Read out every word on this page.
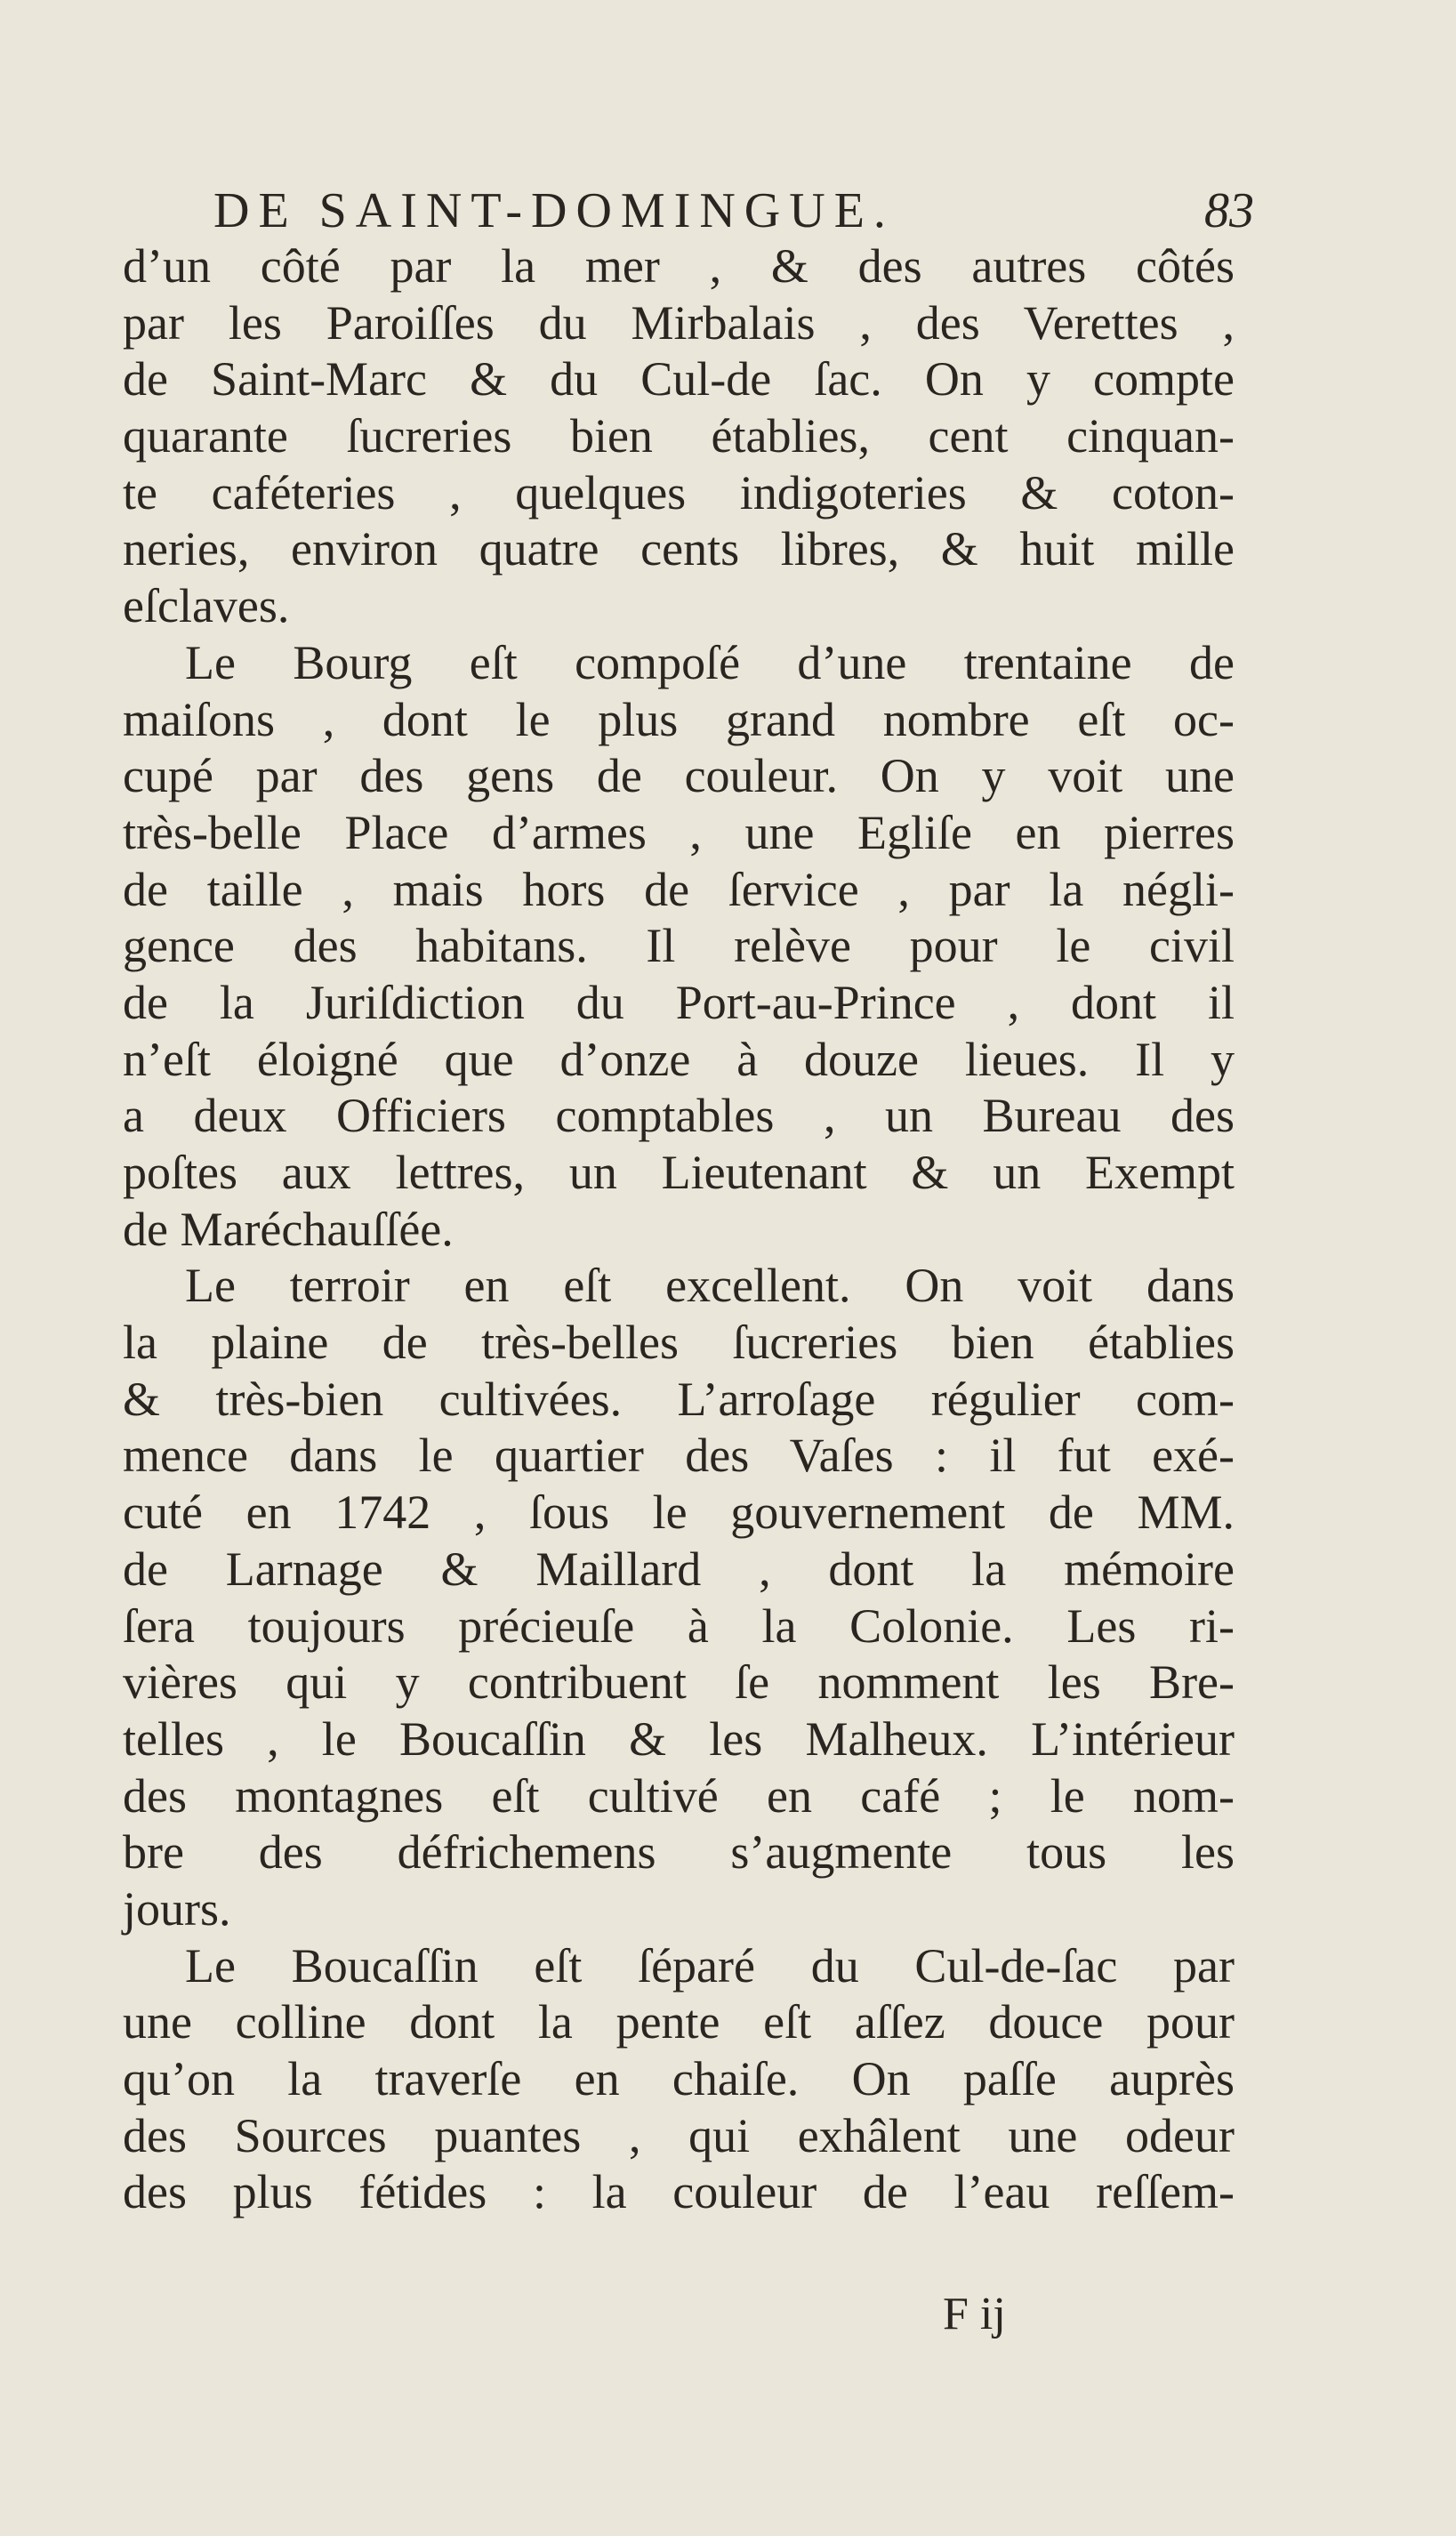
DE SAINT-DOMINGUE.	83
d’un côté par la mer , & des autres côtés
par les Paroiſſes du Mirbalais , des Verettes ,
de Saint-Marc & du Cul-de ſac. On y compte
quarante ſucreries bien établies, cent cinquan-
te caféteries , quelques indigoteries & coton-
neries, environ quatre cents libres, & huit mille
eſclaves.
Le Bourg eſt compoſé d’une trentaine de
maiſons , dont le plus grand nombre eſt oc-
cupé par des gens de couleur. On y voit une
très-belle Place d’armes , une Egliſe en pierres
de taille , mais hors de ſervice , par la négli-
gence des habitans. Il relève pour le civil
de la Juriſdiction du Port-au-Prince , dont il
n’eſt éloigné que d’onze à douze lieues. Il y
a deux Officiers comptables , un Bureau des
poſtes aux lettres, un Lieutenant & un Exempt
de Maréchauſſée.
Le terroir en eſt excellent. On voit dans
la plaine de très-belles ſucreries bien établies
& très-bien cultivées. L’arroſage régulier com-
mence dans le quartier des Vaſes : il fut exé-
cuté en 1742 , ſous le gouvernement de MM.
de Larnage & Maillard , dont la mémoire
ſera toujours précieuſe à la Colonie. Les ri-
vières qui y contribuent ſe nomment les Bre-
telles , le Boucaſſin & les Malheux. L’intérieur
des montagnes eſt cultivé en café ; le nom-
bre des défrichemens s’augmente tous les
jours.
Le Boucaſſin eſt ſéparé du Cul-de-ſac par
une colline dont la pente eſt aſſez douce pour
qu’on la traverſe en chaiſe. On paſſe auprès
des Sources puantes , qui exhâlent une odeur
des plus fétides : la couleur de l’eau reſſem-
F ij
